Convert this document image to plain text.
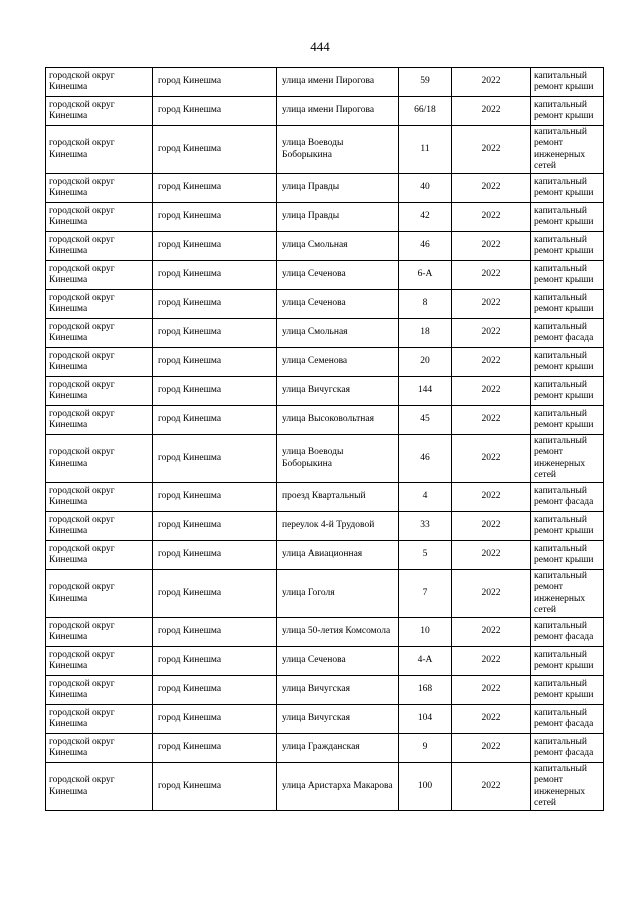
444
городской округ Кинешма	город Кинешма	улица имени Пирогова	59	2022	капитальный ремонт крыши
городской округ Кинешма	город Кинешма	улица имени Пирогова	66/18	2022	капитальный ремонт крыши
городской округ Кинешма	город Кинешма	улица Воеводы Боборыкина	11	2022	капитальный ремонт инженерных сетей
городской округ Кинешма	город Кинешма	улица Правды	40	2022	капитальный ремонт крыши
городской округ Кинешма	город Кинешма	улица Правды	42	2022	капитальный ремонт крыши
городской округ Кинешма	город Кинешма	улица Смольная	46	2022	капитальный ремонт крыши
городской округ Кинешма	город Кинешма	улица Сеченова	6-А	2022	капитальный ремонт крыши
городской округ Кинешма	город Кинешма	улица Сеченова	8	2022	капитальный ремонт крыши
городской округ Кинешма	город Кинешма	улица Смольная	18	2022	капитальный ремонт фасада
городской округ Кинешма	город Кинешма	улица Семенова	20	2022	капитальный ремонт крыши
городской округ Кинешма	город Кинешма	улица Вичугская	144	2022	капитальный ремонт крыши
городской округ Кинешма	город Кинешма	улица Высоковольтная	45	2022	капитальный ремонт крыши
городской округ Кинешма	город Кинешма	улица Воеводы Боборыкина	46	2022	капитальный ремонт инженерных сетей
городской округ Кинешма	город Кинешма	проезд Квартальный	4	2022	капитальный ремонт фасада
городской округ Кинешма	город Кинешма	переулок 4-й Трудовой	33	2022	капитальный ремонт крыши
городской округ Кинешма	город Кинешма	улица Авиационная	5	2022	капитальный ремонт крыши
городской округ Кинешма	город Кинешма	улица Гоголя	7	2022	капитальный ремонт инженерных сетей
городской округ Кинешма	город Кинешма	улица 50-летия Комсомола	10	2022	капитальный ремонт фасада
городской округ Кинешма	город Кинешма	улица Сеченова	4-А	2022	капитальный ремонт крыши
городской округ Кинешма	город Кинешма	улица Вичугская	168	2022	капитальный ремонт крыши
городской округ Кинешма	город Кинешма	улица Вичугская	104	2022	капитальный ремонт фасада
городской округ Кинешма	город Кинешма	улица Гражданская	9	2022	капитальный ремонт фасада
городской округ Кинешма	город Кинешма	улица Аристарха Макарова	100	2022	капитальный ремонт инженерных сетей
